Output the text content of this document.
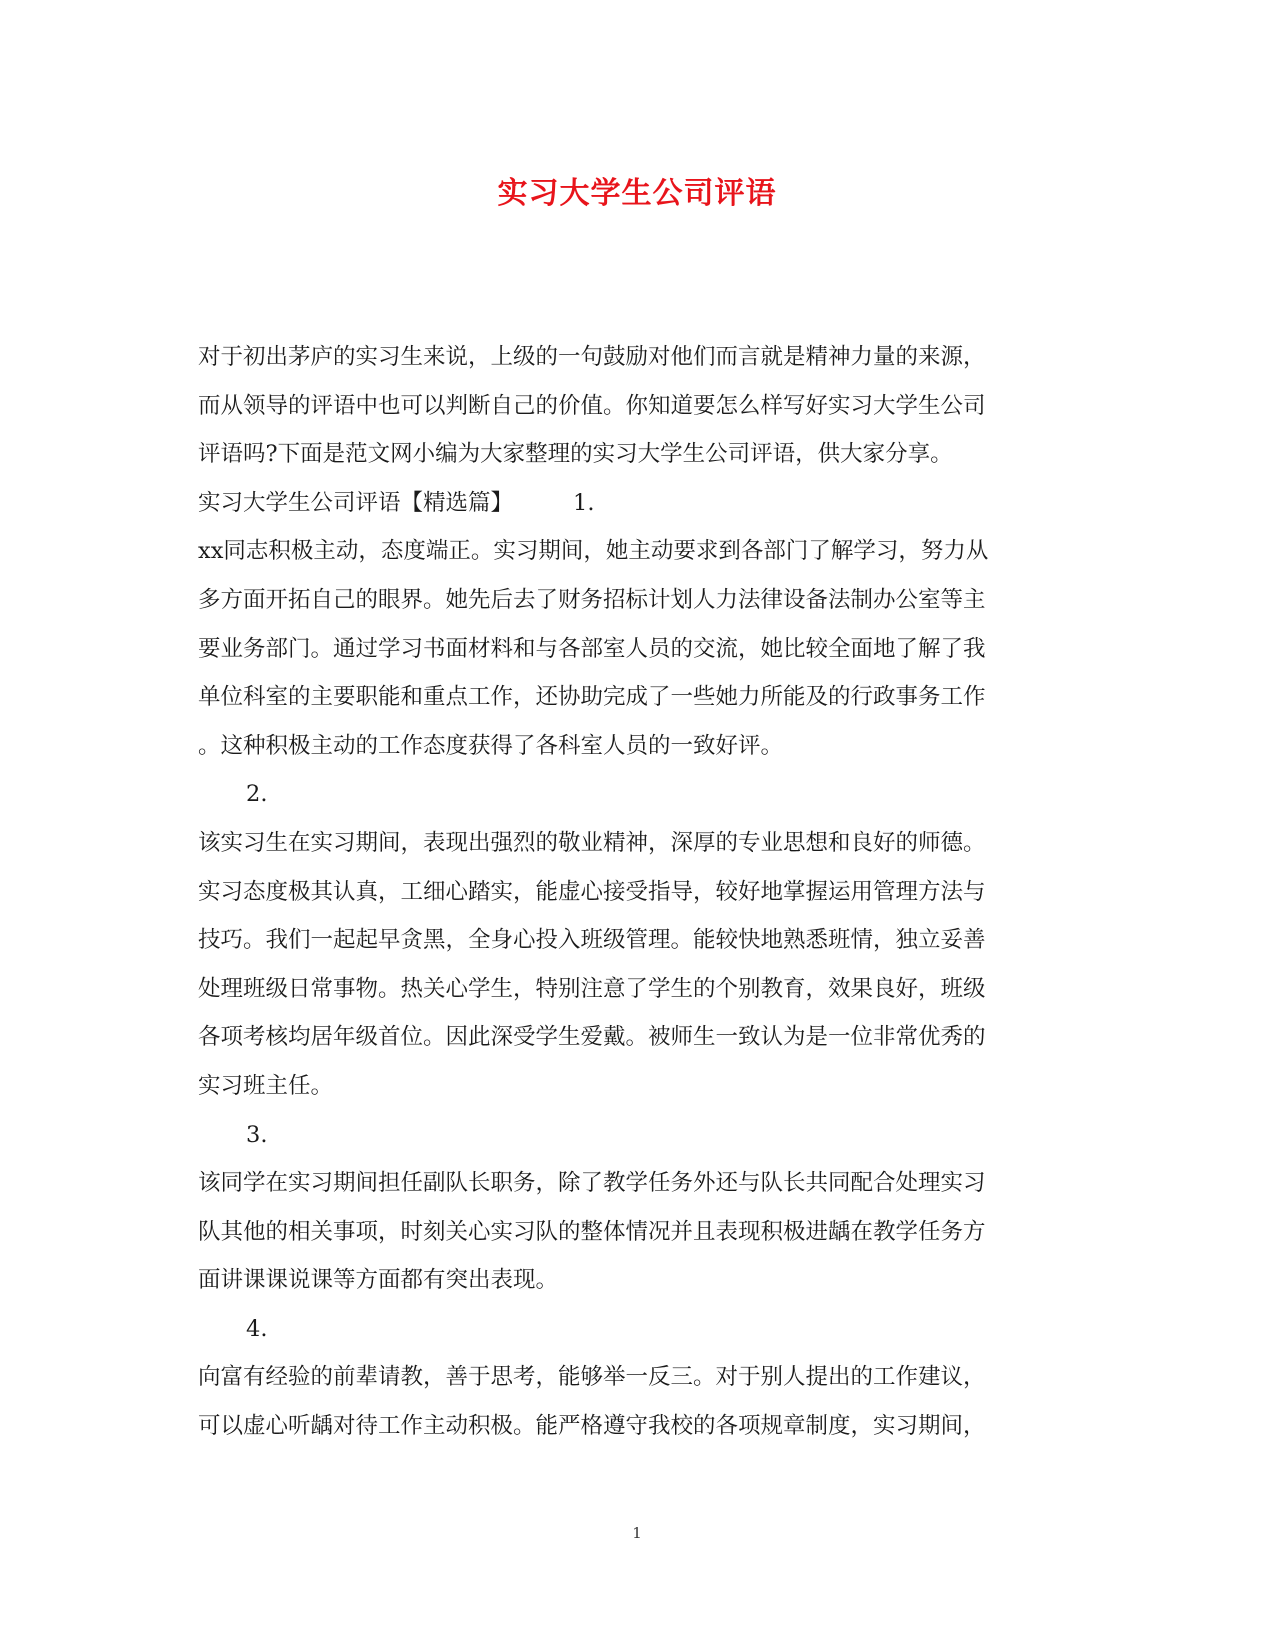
实习大学生公司评语
对于初出茅庐的实习生来说，上级的一句鼓励对他们而言就是精神力量的来源，
而从领导的评语中也可以判断自己的价值。你知道要怎么样写好实习大学生公司
评语吗?下面是范文网小编为大家整理的实习大学生公司评语，供大家分享。
实习大学生公司评语【精选篇】	1.
xx同志积极主动，态度端正。实习期间，她主动要求到各部门了解学习，努力从
多方面开拓自己的眼界。她先后去了财务招标计划人力法律设备法制办公室等主
要业务部门。通过学习书面材料和与各部室人员的交流，她比较全面地了解了我
单位科室的主要职能和重点工作，还协助完成了一些她力所能及的行政事务工作
。这种积极主动的工作态度获得了各科室人员的一致好评。
2.
该实习生在实习期间，表现出强烈的敬业精神，深厚的专业思想和良好的师德。
实习态度极其认真，工细心踏实，能虚心接受指导，较好地掌握运用管理方法与
技巧。我们一起起早贪黑，全身心投入班级管理。能较快地熟悉班情，独立妥善
处理班级日常事物。热关心学生，特别注意了学生的个别教育，效果良好，班级
各项考核均居年级首位。因此深受学生爱戴。被师生一致认为是一位非常优秀的
实习班主任。
3.
该同学在实习期间担任副队长职务，除了教学任务外还与队长共同配合处理实习
队其他的相关事项，时刻关心实习队的整体情况并且表现积极进龋在教学任务方
面讲课课说课等方面都有突出表现。
4.
向富有经验的前辈请教，善于思考，能够举一反三。对于别人提出的工作建议，
可以虚心听龋对待工作主动积极。能严格遵守我校的各项规章制度，实习期间，
1
